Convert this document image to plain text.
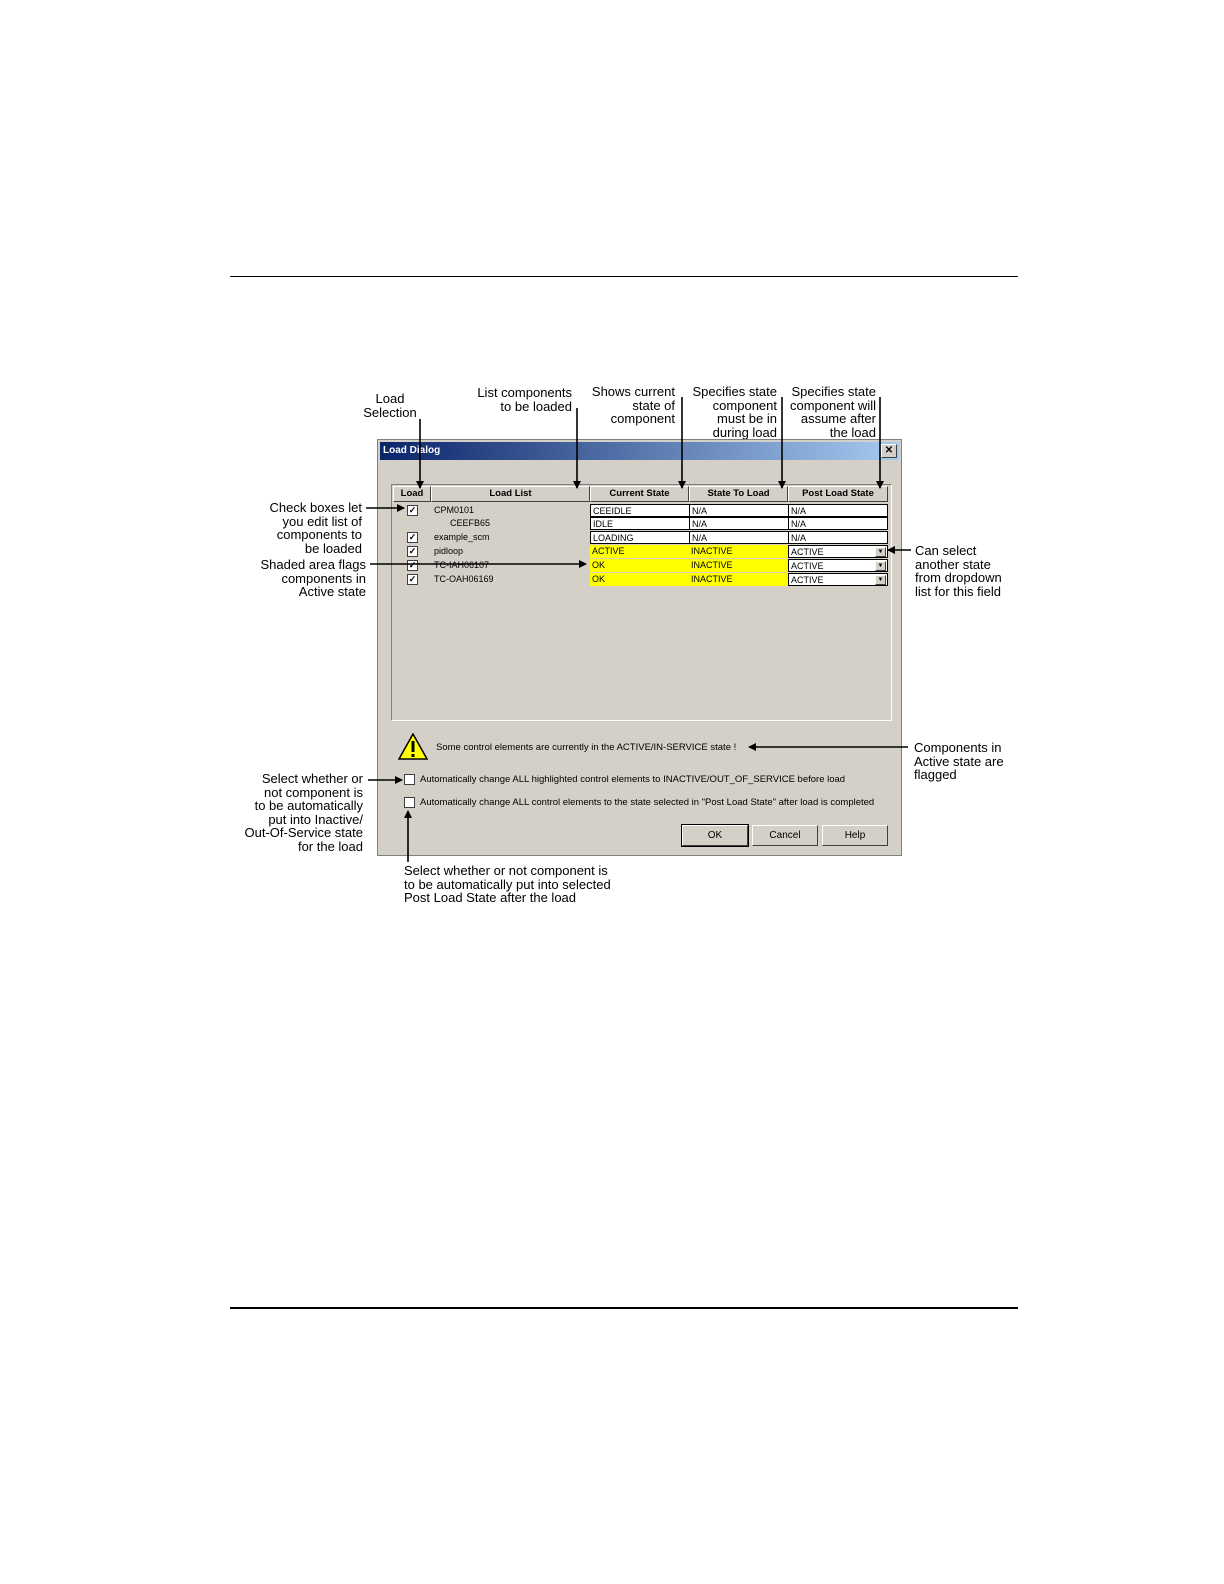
Load
Selection
List components
to be loaded
Shows current
state of
component
Specifies state
component
must be in
during load
Specifies state
component will
assume after
the load
Check boxes let
you edit list of
components to
be loaded
Shaded area flags
components in
Active state
Can select
another state
from dropdown
list for this field
Components in
Active state are
flagged
Select whether or
not component is
to be automatically
put into Inactive/
Out-Of-Service state
for the load
Select whether or not component is
to be automatically put into selected
Post Load State after the load
Load Dialog	✕
Load	Load List	Current State	State To Load	Post Load State
✓ CPM0101	CEEIDLE	N/A	N/A
CEEFB65	IDLE	N/A	N/A
✓ example_scm	LOADING	N/A	N/A
✓ pidloop	ACTIVE	INACTIVE	ACTIVE	▼
✓ TC-IAH06107	OK	INACTIVE	ACTIVE	▼
✓ TC-OAH06169	OK	INACTIVE	ACTIVE	▼
Some control elements are currently in the ACTIVE/IN-SERVICE state !
Automatically change ALL highlighted control elements to INACTIVE/OUT_OF_SERVICE before load
Automatically change ALL control elements to the state selected in "Post Load State" after load is completed
OK	Cancel	Help
